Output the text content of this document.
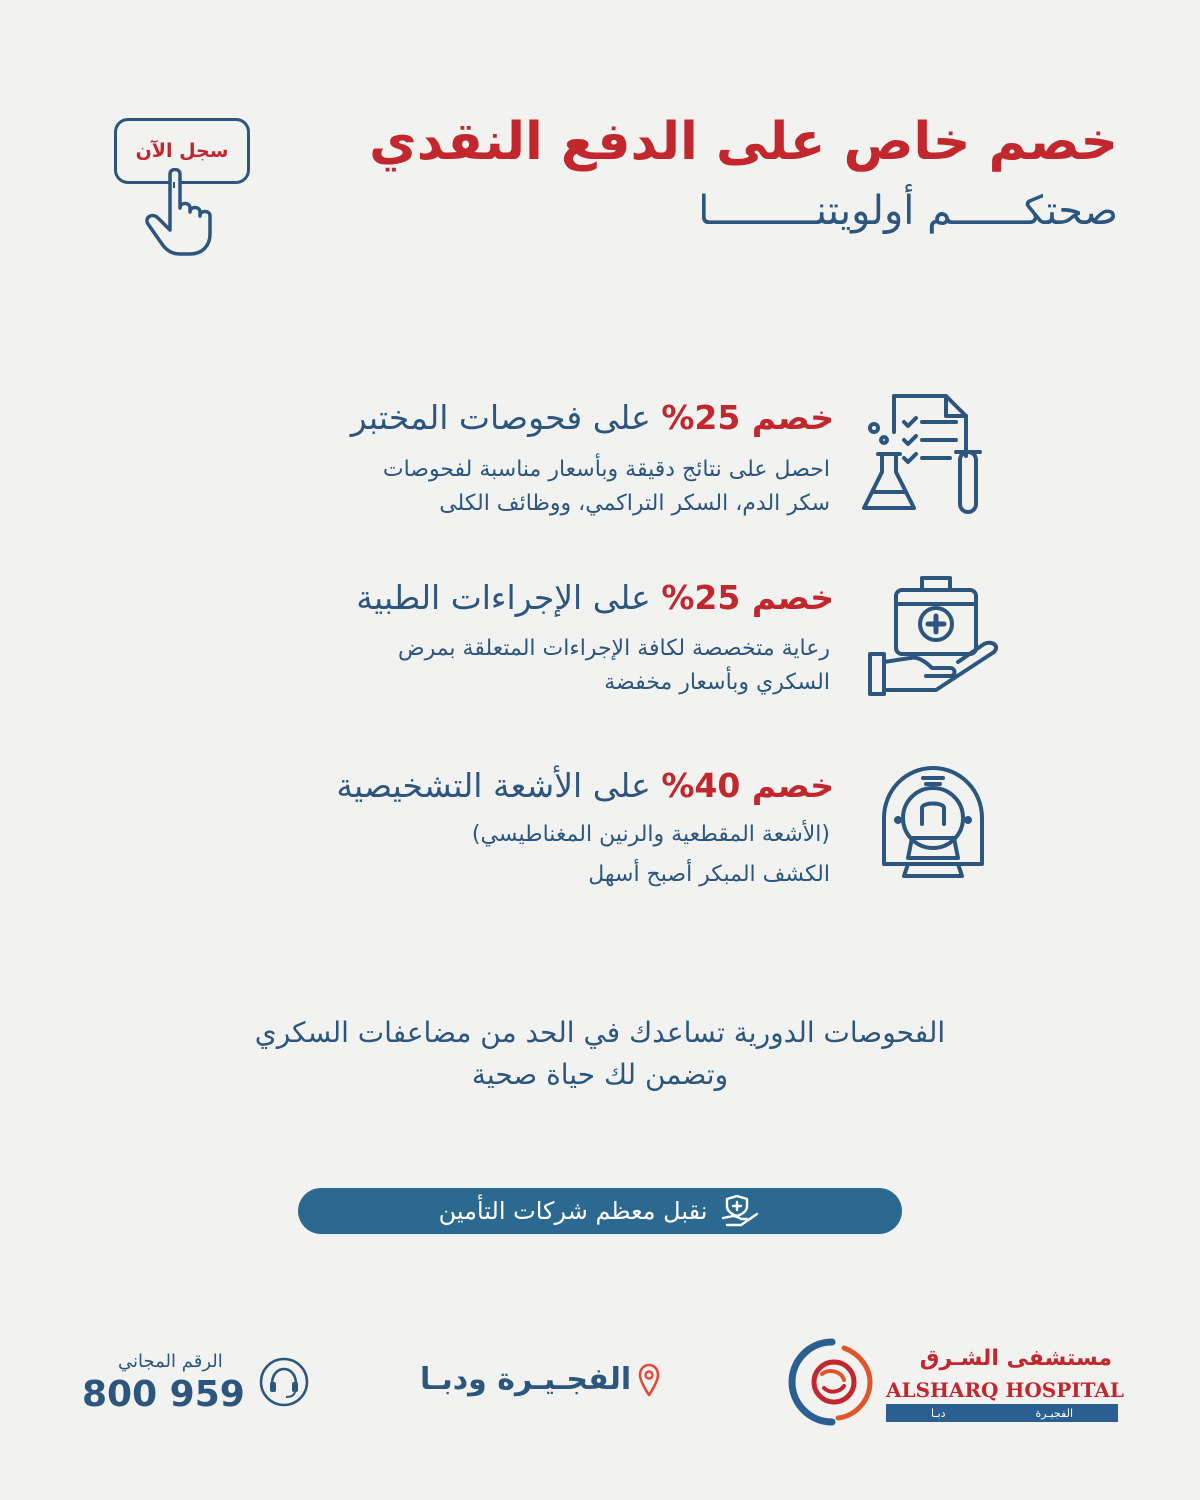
خصم خاص على الدفع النقدي
صحتكــــــم أولويتنـــــــــا
سجل الآن
خصم 25% على فحوصات المختبر
احصل على نتائج دقيقة وبأسعار مناسبة لفحوصات
سكر الدم، السكر التراكمي، ووظائف الكلى
خصم 25% على الإجراءات الطبية
رعاية متخصصة لكافة الإجراءات المتعلقة بمرض
السكري وبأسعار مخفضة
خصم 40% على الأشعة التشخيصية
(الأشعة المقطعية والرنين المغناطيسي)
الكشف المبكر أصبح أسهل
الفحوصات الدورية تساعدك في الحد من مضاعفات السكري
وتضمن لك حياة صحية
نقبل معظم شركات التأمين
مستشفى الشـرق
ALSHARQ HOSPITAL
الفجيـرة
دبـا
الفجـيـرة ودبـا
الرقم المجاني
800 959
